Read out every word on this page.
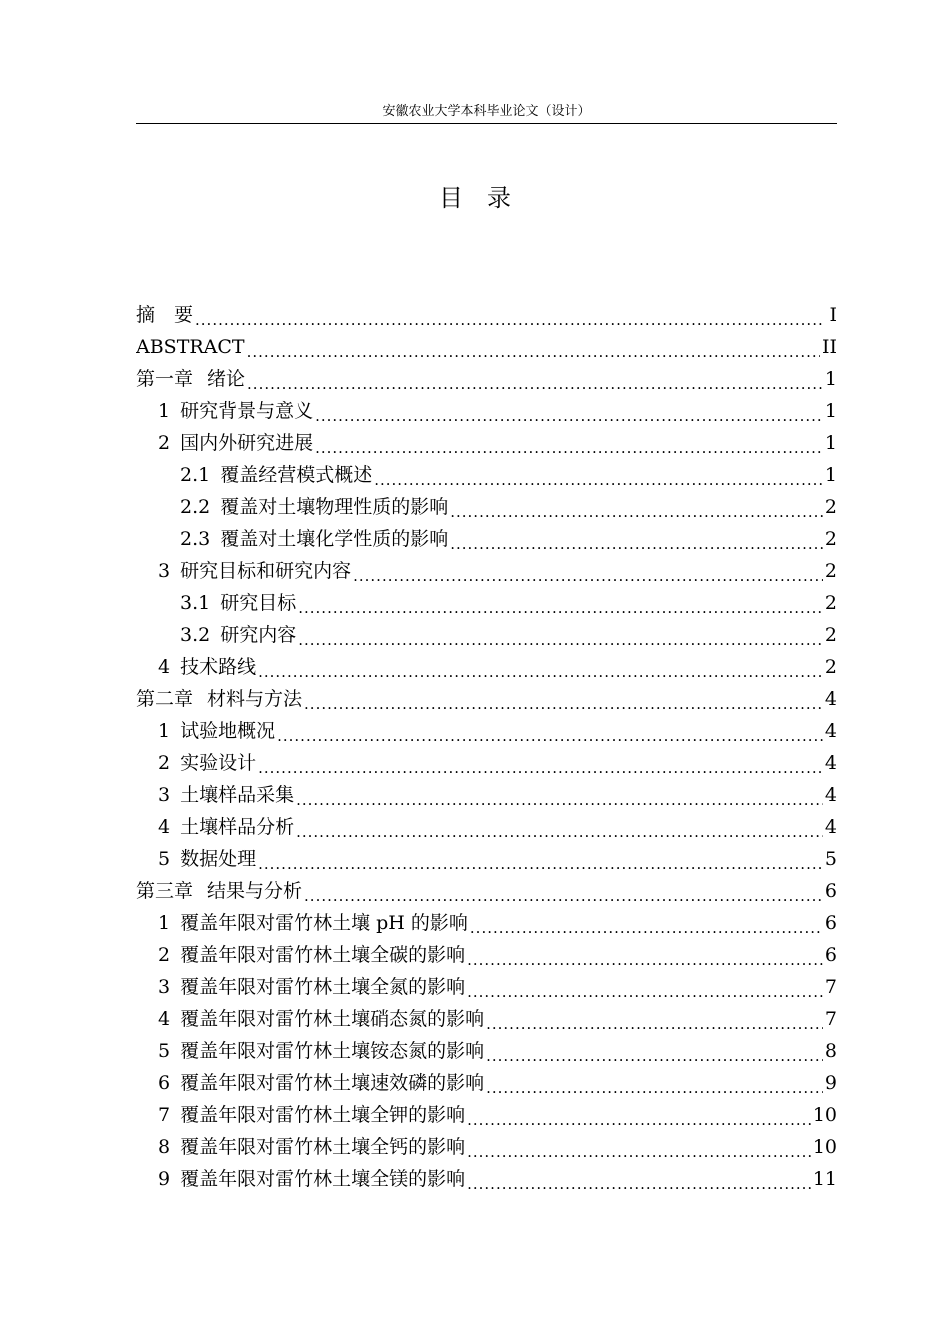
安徽农业大学本科毕业论文（设计）
目录
摘　要 .....	Ⅰ
ABSTRACT .....	ⅠⅠ
第一章 绪论 .....	1
1 研究背景与意义 .....	1
2 国内外研究进展 .....	1
2.1 覆盖经营模式概述 .....	1
2.2 覆盖对土壤物理性质的影响 .....	2
2.3 覆盖对土壤化学性质的影响 .....	2
3 研究目标和研究内容 .....	2
3.1 研究目标 .....	2
3.2 研究内容 .....	2
4 技术路线 .....	2
第二章 材料与方法 .....	4
1 试验地概况 .....	4
2 实验设计 .....	4
3 土壤样品采集 .....	4
4 土壤样品分析 .....	4
5 数据处理 .....	5
第三章 结果与分析 .....	6
1 覆盖年限对雷竹林土壤 pH 的影响 .....	6
2 覆盖年限对雷竹林土壤全碳的影响 .....	6
3 覆盖年限对雷竹林土壤全氮的影响 .....	7
4 覆盖年限对雷竹林土壤硝态氮的影响 .....	7
5 覆盖年限对雷竹林土壤铵态氮的影响 .....	8
6 覆盖年限对雷竹林土壤速效磷的影响 .....	9
7 覆盖年限对雷竹林土壤全钾的影响 .....	10
8 覆盖年限对雷竹林土壤全钙的影响 .....	10
9 覆盖年限对雷竹林土壤全镁的影响 .....	11
